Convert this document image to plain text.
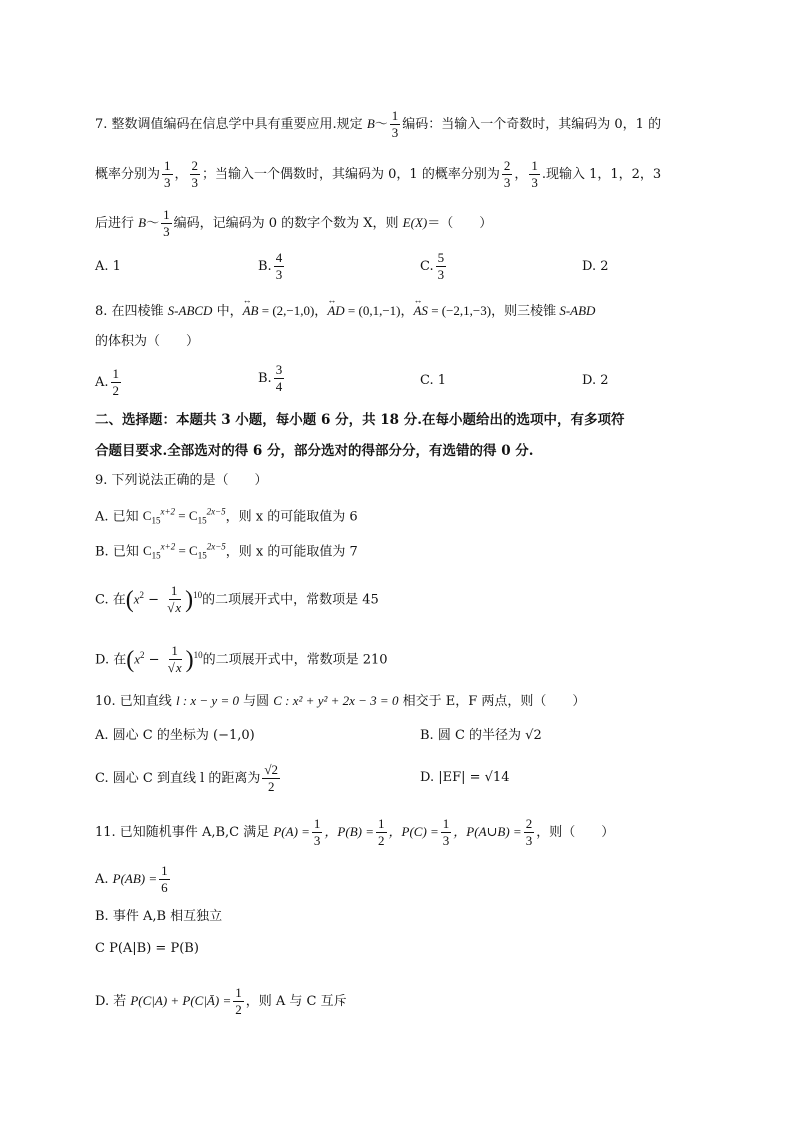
7. 整数调值编码在信息学中具有重要应用.规定 B～ $\frac{1}{3}$ 编码：当输入一个奇数时，其编码为 0，1 的
概率分别为 $\frac{1}{3}$ ， $\frac{2}{3}$ ；当输入一个偶数时，其编码为 0，1 的概率分别为 $\frac{2}{3}$ ， $\frac{1}{3}$ .现输入 1，1，2，3
后进行 B～ $\frac{1}{3}$ 编码，记编码为 0 的数字个数为 X，则 E(X)＝（　　）
A. 1	B. $\frac{4}{3}$	C. $\frac{5}{3}$	D. 2
8. 在四棱锥 S-ABCD 中，↔ AB = (2,−1,0)，↔ AD = (0,1,−1)，↔ AS = (−2,1,−3)，则三棱锥 S-ABD
的体积为（　　）
A. $\frac{1}{2}$	B. $\frac{3}{4}$	C. 1	D. 2
二、选择题：本题共 3 小题，每小题 6 分，共 18 分.在每小题给出的选项中，有多项符
合题目要求.全部选对的得 6 分，部分选对的得部分分，有选错的得 0 分.
9. 下列说法正确的是（　　）
A. 已知 $C_{15}^{x+2} = C_{15}^{2x-5}$，则 x 的可能取值为 6
B. 已知 $C_{15}^{x+2} = C_{15}^{2x-5}$，则 x 的可能取值为 7
C. 在$(x^2 - \frac{1}{√x} )^{10}$的二项展开式中，常数项是 45
D. 在$(x^2 - \frac{1}{√x} )^{10}$的二项展开式中，常数项是 210
10. 已知直线 l : x − y = 0 与圆 C : x² + y² + 2x − 3 = 0 相交于 E，F 两点，则（　　）
A. 圆心 C 的坐标为 (−1,0)	B. 圆 C 的半径为 √2
C. 圆心 C 到直线 l 的距离为 $\frac{√2}{2}$	D. |EF| = √14
11. 已知随机事件 A,B,C 满足 $P(A) = \frac{1}{3}$ ，$P(B) = \frac{1}{2}$ ，$P(C) = \frac{1}{3}$ ，P(A∪B) = $\frac{2}{3}$ ，则（　　）
A. $P(AB) = \frac{1}{6}$
B. 事件 A,B 相互独立
C P(A|B) = P(B)
D. 若 P(C|A) + P(C|Ā) = $\frac{1}{2}$ ，则 A 与 C 互斥
